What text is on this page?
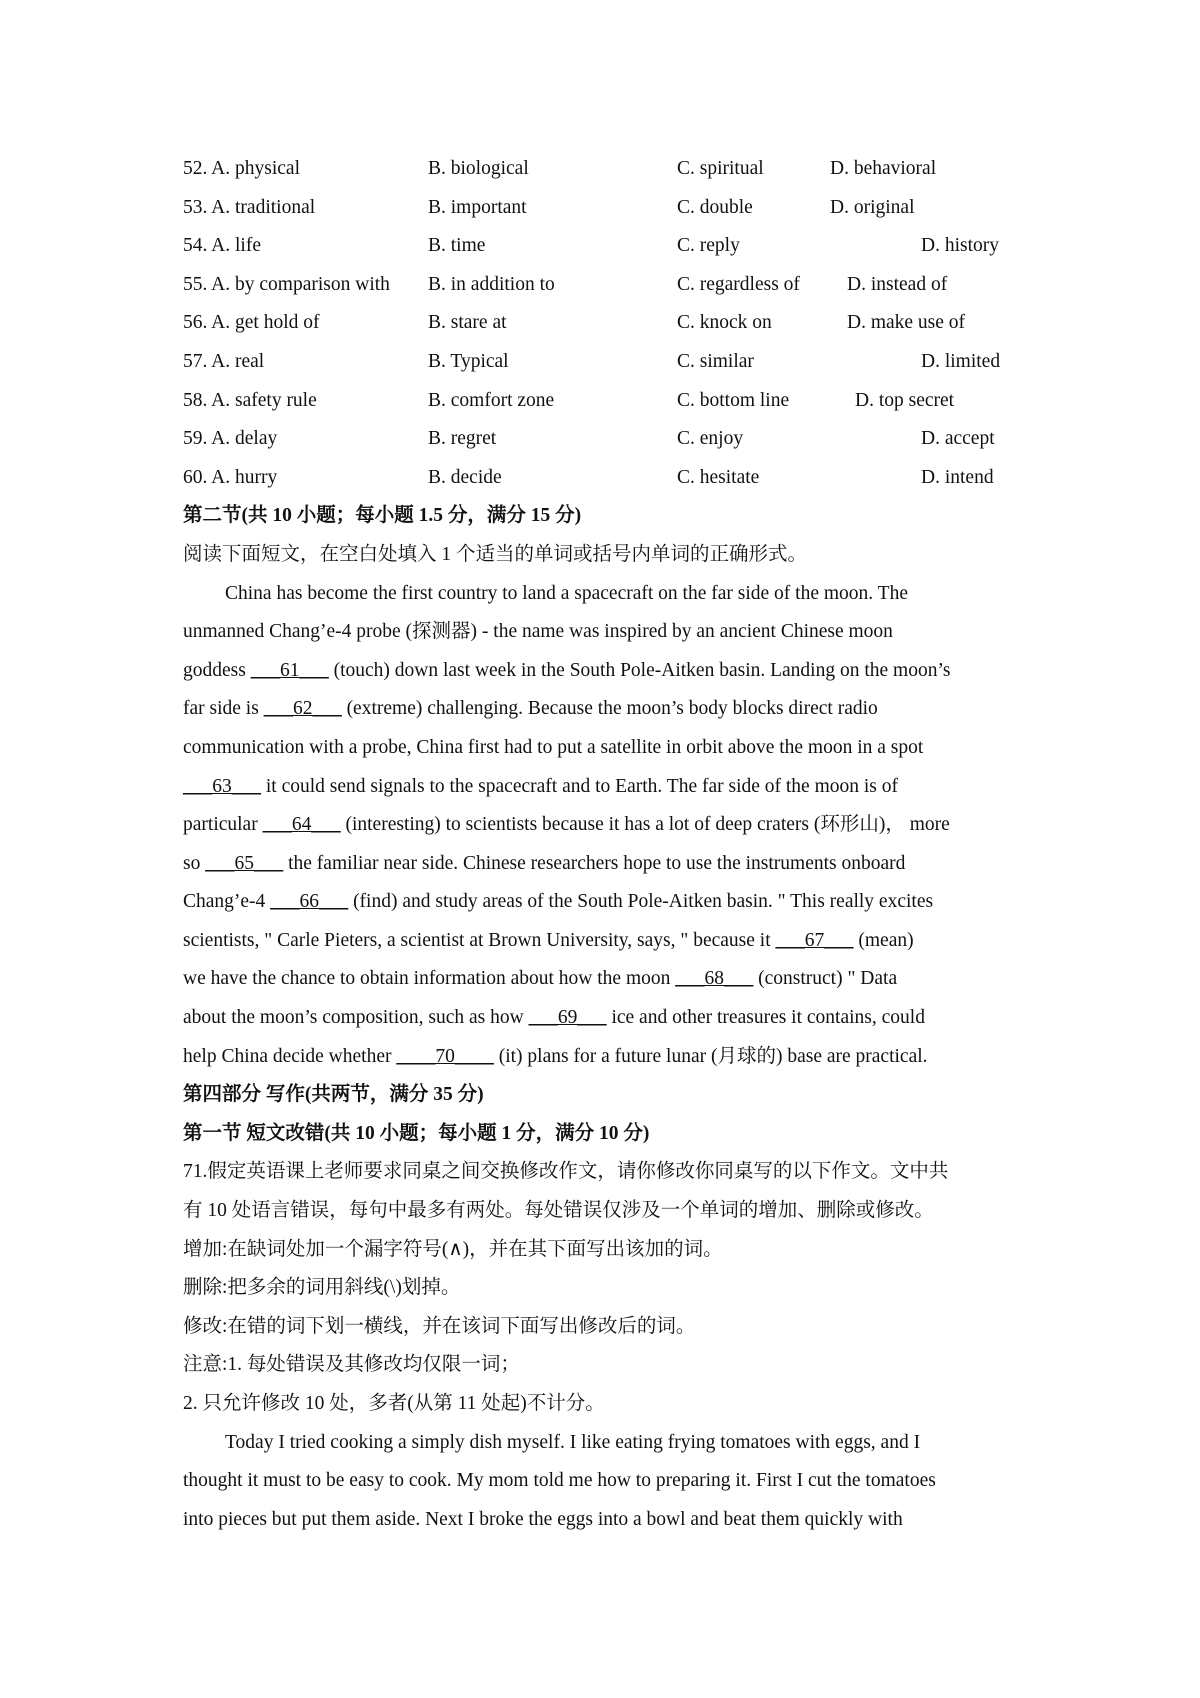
52. A. physical	B. biological	C. spiritual	D. behavioral
53. A. traditional	B. important	C. double	D. original
54. A. life	B. time	C. reply	D. history
55. A. by comparison with B. in addition to	C. regardless of D. instead of
56. A. get hold of	B. stare at	C. knock on	D. make use of
57. A. real	B. Typical	C. similar	D. limited
58. A. safety rule	B. comfort zone	C. bottom line	D. top secret
59. A. delay	B. regret	C. enjoy	D. accept
60. A. hurry	B. decide	C. hesitate	D. intend
第二节(共 10 小题；每小题 1.5 分，满分 15 分)
阅读下面短文，在空白处填入 1 个适当的单词或括号内单词的正确形式。
China has become the first country to land a spacecraft on the far side of the moon. The
unmanned Chang’e-4 probe (探测器) - the name was inspired by an ancient Chinese moon
goddess ___61___ (touch) down last week in the South Pole-Aitken basin. Landing on the moon’s
far side is ___62___ (extreme) challenging. Because the moon’s body blocks direct radio
communication with a probe, China first had to put a satellite in orbit above the moon in a spot
___63___ it could send signals to the spacecraft and to Earth. The far side of the moon is of
particular ___64___ (interesting) to scientists because it has a lot of deep craters (环形山)， more
so ___65___ the familiar near side. Chinese researchers hope to use the instruments onboard
Chang’e-4 ___66___ (find) and study areas of the South Pole-Aitken basin. " This really excites
scientists, " Carle Pieters, a scientist at Brown University, says, " because it ___67___ (mean)
we have the chance to obtain information about how the moon ___68___ (construct) " Data
about the moon’s composition, such as how ___69___ ice and other treasures it contains, could
help China decide whether ____70____ (it) plans for a future lunar (月球的) base are practical.
第四部分 写作(共两节，满分 35 分)
第一节 短文改错(共 10 小题；每小题 1 分，满分 10 分)
71.假定英语课上老师要求同桌之间交换修改作文，请你修改你同桌写的以下作文。文中共
有 10 处语言错误，每句中最多有两处。每处错误仅涉及一个单词的增加、删除或修改。
增加:在缺词处加一个漏字符号(∧)，并在其下面写出该加的词。
删除:把多余的词用斜线(\)划掉。
修改:在错的词下划一横线，并在该词下面写出修改后的词。
注意:1. 每处错误及其修改均仅限一词；
2. 只允许修改 10 处，多者(从第 11 处起)不计分。
Today I tried cooking a simply dish myself. I like eating frying tomatoes with eggs, and I
thought it must to be easy to cook. My mom told me how to preparing it. First I cut the tomatoes
into pieces but put them aside. Next I broke the eggs into a bowl and beat them quickly with
